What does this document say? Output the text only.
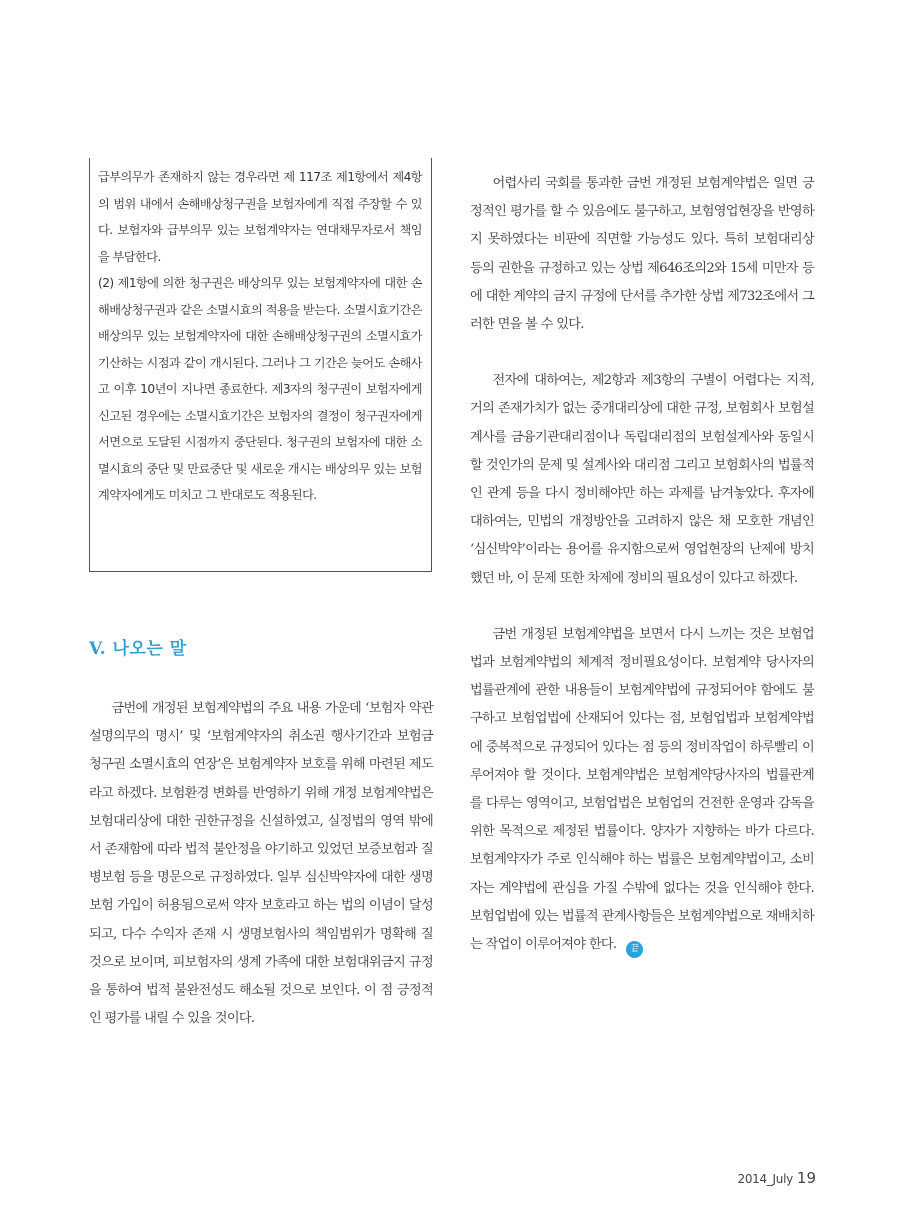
급부의무가 존재하지 않는 경우라면 제 117조 제1항에서 제4항의 범위 내에서 손해배상청구권을 보험자에게 직접 주장할 수 있다. 보험자와 급부의무 있는 보험계약자는 연대채무자로서 책임을 부담한다.

(2) 제1항에 의한 청구권은 배상의무 있는 보험계약자에 대한 손해배상청구권과 같은 소멸시효의 적용을 받는다. 소멸시효기간은 배상의무 있는 보험계약자에 대한 손해배상청구권의 소멸시효가 기산하는 시점과 같이 개시된다. 그러나 그 기간은 늦어도 손해사고 이후 10년이 지나면 종료한다. 제3자의 청구권이 보험자에게 신고된 경우에는 소멸시효기간은 보험자의 결정이 청구권자에게 서면으로 도달된 시점까지 중단된다. 청구권의 보험자에 대한 소멸시효의 중단 및 만료중단 및 새로운 개시는 배상의무 있는 보험계약자에게도 미치고 그 반대로도 적용된다.

V. 나오는 말

금번에 개정된 보험계약법의 주요 내용 가운데 ‘보험자 약관설명의무의 명시’ 및 ‘보험계약자의 취소권 행사기간과 보험금 청구권 소멸시효의 연장’은 보험계약자 보호를 위해 마련된 제도라고 하겠다. 보험환경 변화를 반영하기 위해 개정 보험계약법은 보험대리상에 대한 권한규정을 신설하였고, 실정법의 영역 밖에서 존재함에 따라 법적 불안정을 야기하고 있었던 보증보험과 질병보험 등을 명문으로 규정하였다. 일부 심신박약자에 대한 생명보험 가입이 허용됨으로써 약자 보호라고 하는 법의 이념이 달성되고, 다수 수익자 존재 시 생명보험사의 책임범위가 명확해 질 것으로 보이며, 피보험자의 생계 가족에 대한 보험대위금지 규정을 통하여 법적 불완전성도 해소될 것으로 보인다. 이 점 긍정적인 평가를 내릴 수 있을 것이다.

어렵사리 국회를 통과한 금번 개정된 보험계약법은 일면 긍정적인 평가를 할 수 있음에도 불구하고, 보험영업현장을 반영하지 못하였다는 비판에 직면할 가능성도 있다. 특히 보험대리상 등의 권한을 규정하고 있는 상법 제646조의2와 15세 미만자 등에 대한 계약의 금지 규정에 단서를 추가한 상법 제732조에서 그러한 면을 볼 수 있다.

전자에 대하여는, 제2항과 제3항의 구별이 어렵다는 지적, 거의 존재가치가 없는 중개대리상에 대한 규정, 보험회사 보험설계사를 금융기관대리점이나 독립대리점의 보험설계사와 동일시할 것인가의 문제 및 설계사와 대리점 그리고 보험회사의 법률적인 관계 등을 다시 정비해야만 하는 과제를 남겨놓았다. 후자에 대하여는, 민법의 개정방안을 고려하지 않은 채 모호한 개념인 ‘심신박약’이라는 용어를 유지함으로써 영업현장의 난제에 방치했던 바, 이 문제 또한 차제에 정비의 필요성이 있다고 하겠다.

금번 개정된 보험계약법을 보면서 다시 느끼는 것은 보험업법과 보험계약법의 체계적 정비필요성이다. 보험계약 당사자의 법률관계에 관한 내용들이 보험계약법에 규정되어야 함에도 불구하고 보험업법에 산재되어 있다는 점, 보험업법과 보험계약법에 중복적으로 규정되어 있다는 점 등의 정비작업이 하루빨리 이루어져야 할 것이다. 보험계약법은 보험계약당사자의 법률관계를 다루는 영역이고, 보험업법은 보험업의 건전한 운영과 감독을 위한 목적으로 제정된 법률이다. 양자가 지향하는 바가 다르다. 보험계약자가 주로 인식해야 하는 법률은 보험계약법이고, 소비자는 계약법에 관심을 가질 수밖에 없다는 것을 인식해야 한다. 보험업법에 있는 법률적 관계사항들은 보험계약법으로 재배치하는 작업이 이루어져야 한다. 끝

2014_July 19
